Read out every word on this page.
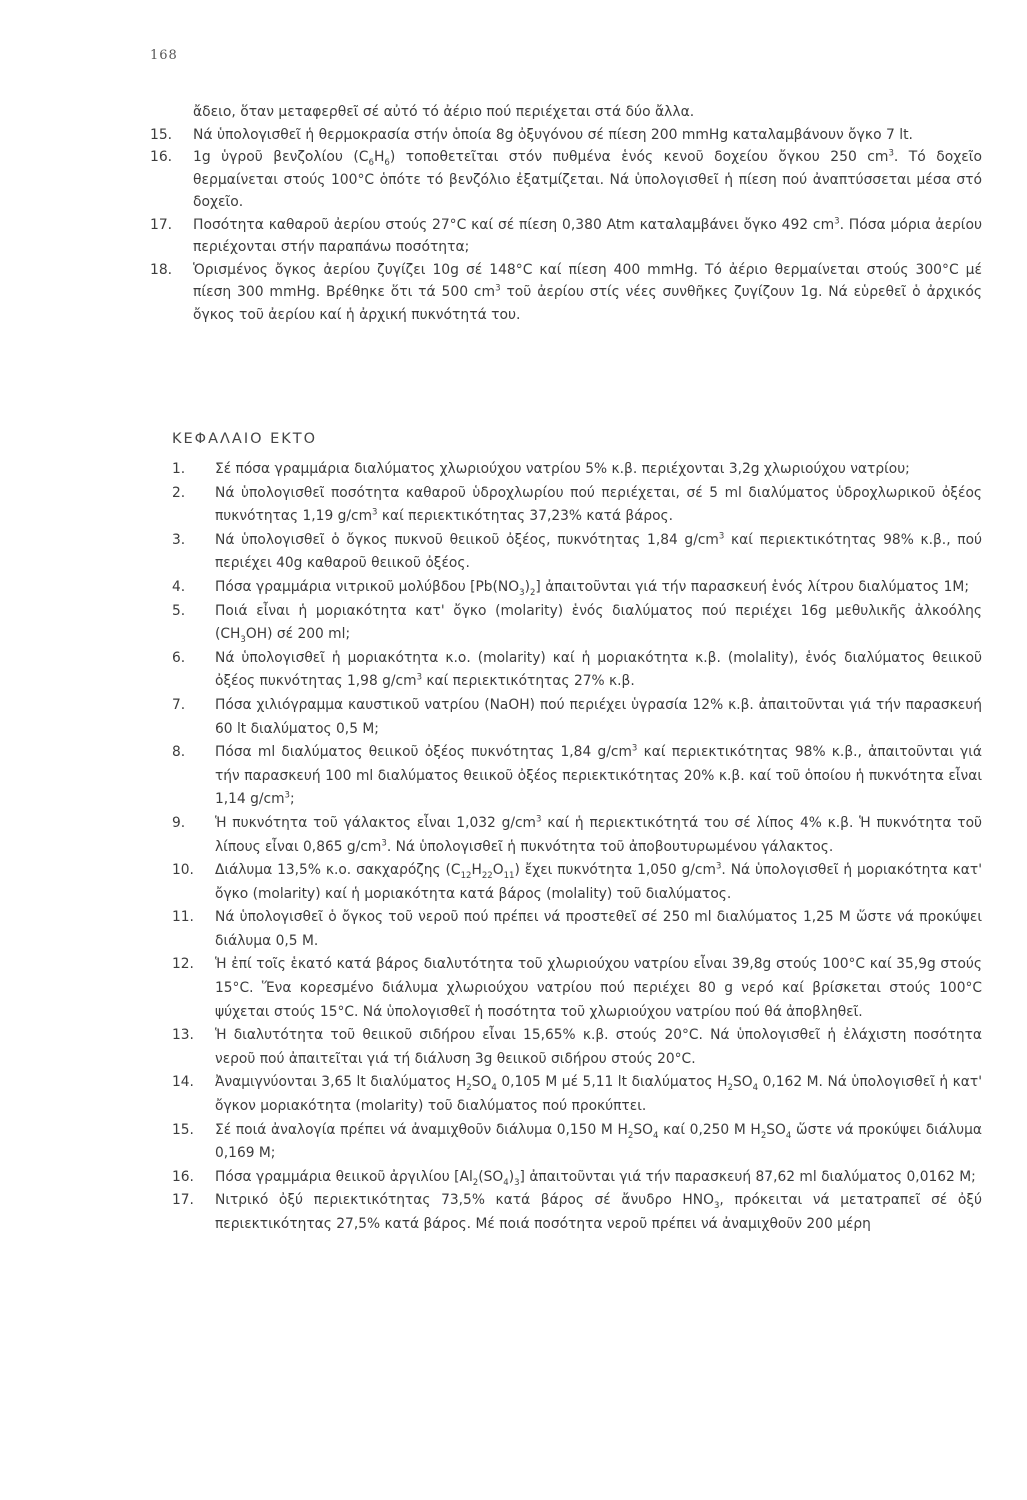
168

ἄδειο, ὅταν μεταφερθεῖ σέ αὐτό τό ἀέριο πού περιέχεται στά δύο ἄλλα.

15.	Νά ὑπολογισθεῖ ἡ θερμοκρασία στήν ὁποία 8g ὀξυγόνου σέ πίεση 200 mmHg καταλαμβάνουν ὄγκο 7 lt.
16.	1g ὑγροῦ βενζολίου $(C_6H_6)$ τοποθετεῖται στόν πυθμένα ἑνός κενοῦ δοχείου ὄγκου 250 $cm^3$. Τό δοχεῖο θερμαίνεται στούς 100°C ὁπότε τό βενζόλιο ἐξατμίζεται. Νά ὑπολογισθεῖ ἡ πίεση πού ἀναπτύσσεται μέσα στό δοχεῖο.
17.	Ποσότητα καθαροῦ ἀερίου στούς 27°C καί σέ πίεση 0,380 Atm καταλαμβάνει ὄγκο 492 $cm^3$. Πόσα μόρια ἀερίου περιέχονται στήν παραπάνω ποσότητα;
18.	Ὁρισμένος ὄγκος ἀερίου ζυγίζει 10g σέ 148°C καί πίεση 400 mmHg. Τό ἀέριο θερμαίνεται στούς 300°C μέ πίεση 300 mmHg. Βρέθηκε ὅτι τά 500 $cm^3$ τοῦ ἀερίου στίς νέες συνθῆκες ζυγίζουν 1g. Νά εὑρεθεῖ ὁ ἀρχικός ὄγκος τοῦ ἀερίου καί ἡ ἀρχική πυκνότητά του.
ΚΕΦΑΛΑΙΟ ΕΚΤΟ
1.	Σέ πόσα γραμμάρια διαλύματος χλωριούχου νατρίου 5% κ.β. περιέχονται 3,2g χλωριούχου νατρίου;
2.	Νά ὑπολογισθεῖ ποσότητα καθαροῦ ὑδροχλωρίου πού περιέχεται, σέ 5 ml διαλύματος ὑδροχλωρικοῦ ὀξέος πυκνότητας 1,19 $g/cm^3$ καί περιεκτικότητας 37,23% κατά βάρος.
3.	Νά ὑπολογισθεῖ ὁ ὄγκος πυκνοῦ θειικοῦ ὀξέος, πυκνότητας 1,84 $g/cm^3$ καί περιεκτικότητας 98% κ.β., πού περιέχει 40g καθαροῦ θειικοῦ ὀξέος.
4.	Πόσα γραμμάρια νιτρικοῦ μολύβδου $[Pb(NO_3)_2]$ ἀπαιτοῦνται γιά τήν παρασκευή ἑνός λίτρου διαλύματος 1M;
5.	Ποιά εἶναι ἡ μοριακότητα κατ' ὄγκο (molarity) ἑνός διαλύματος πού περιέχει 16g μεθυλικῆς ἀλκοόλης $(CH_3OH)$ σέ 200 ml;
6.	Νά ὑπολογισθεῖ ἡ μοριακότητα κ.ο. (molarity) καί ἡ μοριακότητα κ.β. (molality), ἑνός διαλύματος θειικοῦ ὀξέος πυκνότητας 1,98 $g/cm^3$ καί περιεκτικότητας 27% κ.β.
7.	Πόσα χιλιόγραμμα καυστικοῦ νατρίου (NaOH) πού περιέχει ὑγρασία 12% κ.β. ἀπαιτοῦνται γιά τήν παρασκευή 60 lt διαλύματος 0,5 M;
8.	Πόσα ml διαλύματος θειικοῦ ὀξέος πυκνότητας 1,84 $g/cm^3$ καί περιεκτικότητας 98% κ.β., ἀπαιτοῦνται γιά τήν παρασκευή 100 ml διαλύματος θειικοῦ ὀξέος περιεκτικότητας 20% κ.β. καί τοῦ ὁποίου ἡ πυκνότητα εἶναι 1,14 $g/cm^3$;
9.	Ἡ πυκνότητα τοῦ γάλακτος εἶναι 1,032 $g/cm^3$ καί ἡ περιεκτικότητά του σέ λίπος 4% κ.β. Ἡ πυκνότητα τοῦ λίπους εἶναι 0,865 $g/cm^3$. Νά ὑπολογισθεῖ ἡ πυκνότητα τοῦ ἀποβουτυρωμένου γάλακτος.
10.	Διάλυμα 13,5% κ.ο. σακχαρόζης $(C_{12}H_{22}O_{11})$ ἔχει πυκνότητα 1,050 $g/cm^3$. Νά ὑπολογισθεῖ ἡ μοριακότητα κατ' ὄγκο (molarity) καί ἡ μοριακότητα κατά βάρος (molality) τοῦ διαλύματος.
11.	Νά ὑπολογισθεῖ ὁ ὄγκος τοῦ νεροῦ πού πρέπει νά προστεθεῖ σέ 250 ml διαλύματος 1,25 M ὥστε νά προκύψει διάλυμα 0,5 M.
12.	Ἡ ἐπί τοῖς ἑκατό κατά βάρος διαλυτότητα τοῦ χλωριούχου νατρίου εἶναι 39,8g στούς 100°C καί 35,9g στούς 15°C. Ἕνα κορεσμένο διάλυμα χλωριούχου νατρίου πού περιέχει 80 g νερό καί βρίσκεται στούς 100°C ψύχεται στούς 15°C. Νά ὑπολογισθεῖ ἡ ποσότητα τοῦ χλωριούχου νατρίου πού θά ἀποβληθεῖ.
13.	Ἡ διαλυτότητα τοῦ θειικοῦ σιδήρου εἶναι 15,65% κ.β. στούς 20°C. Νά ὑπολογισθεῖ ἡ ἐλάχιστη ποσότητα νεροῦ πού ἀπαιτεῖται γιά τή διάλυση 3g θειικοῦ σιδήρου στούς 20°C.
14.	Ἀναμιγνύονται 3,65 lt διαλύματος $H_2SO_4$ 0,105 M μέ 5,11 lt διαλύματος $H_2SO_4$ 0,162 M. Νά ὑπολογισθεῖ ἡ κατ' ὄγκον μοριακότητα (molarity) τοῦ διαλύματος πού προκύπτει.
15.	Σέ ποιά ἀναλογία πρέπει νά ἀναμιχθοῦν διάλυμα 0,150 M $H_2SO_4$ καί 0,250 M $H_2SO_4$ ὥστε νά προκύψει διάλυμα 0,169 M;
16.	Πόσα γραμμάρια θειικοῦ ἀργιλίου $[Al_2(SO_4)_3]$ ἀπαιτοῦνται γιά τήν παρασκευή 87,62 ml διαλύματος 0,0162 M;
17.	Νιτρικό ὀξύ περιεκτικότητας 73,5% κατά βάρος σέ ἄνυδρο $HNO_3$, πρόκειται νά μετατραπεῖ σέ ὀξύ περιεκτικότητας 27,5% κατά βάρος. Μέ ποιά ποσότητα νεροῦ πρέπει νά ἀναμιχθοῦν 200 μέρη
